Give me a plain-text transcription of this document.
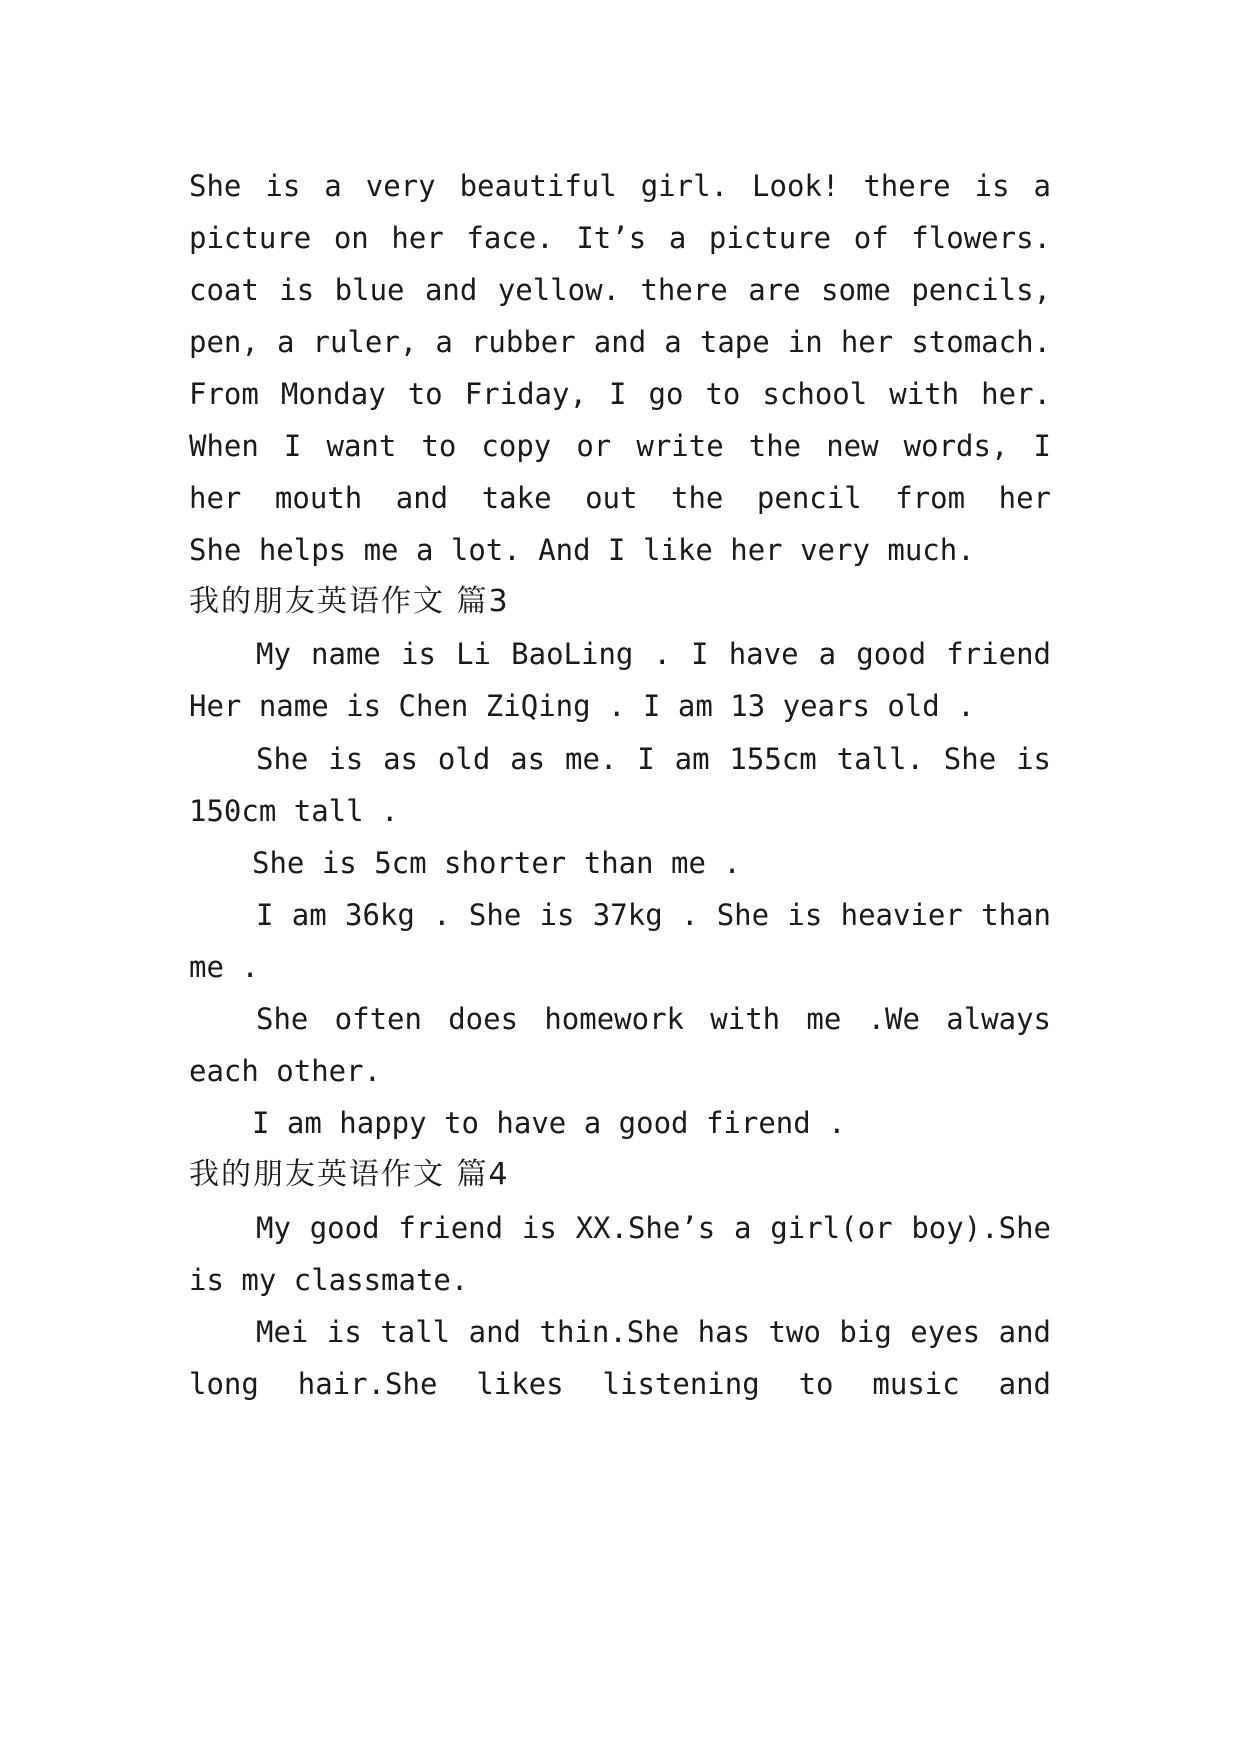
She is a very beautiful girl. Look! there is a
picture on her face. It’s a picture of flowers.
coat is blue and yellow. there are some pencils,
pen, a ruler, a rubber and a tape in her stomach.
From Monday to Friday, I go to school with her.
When I want to copy or write the new words, I
her mouth and take out the pencil from her
She helps me a lot. And I like her very much.
我的朋友英语作文 篇3
My name is Li BaoLing . I have a good friend
Her name is Chen ZiQing . I am 13 years old .
She is as old as me. I am 155cm tall. She is
150cm tall .
She is 5cm shorter than me .
I am 36kg . She is 37kg . She is heavier than
me .
She often does homework with me .We always
each other.
I am happy to have a good firend .
我的朋友英语作文 篇4
My good friend is XX.She’s a girl(or boy).She
is my classmate.
Mei is tall and thin.She has two big eyes and
long hair.She likes listening to music and
